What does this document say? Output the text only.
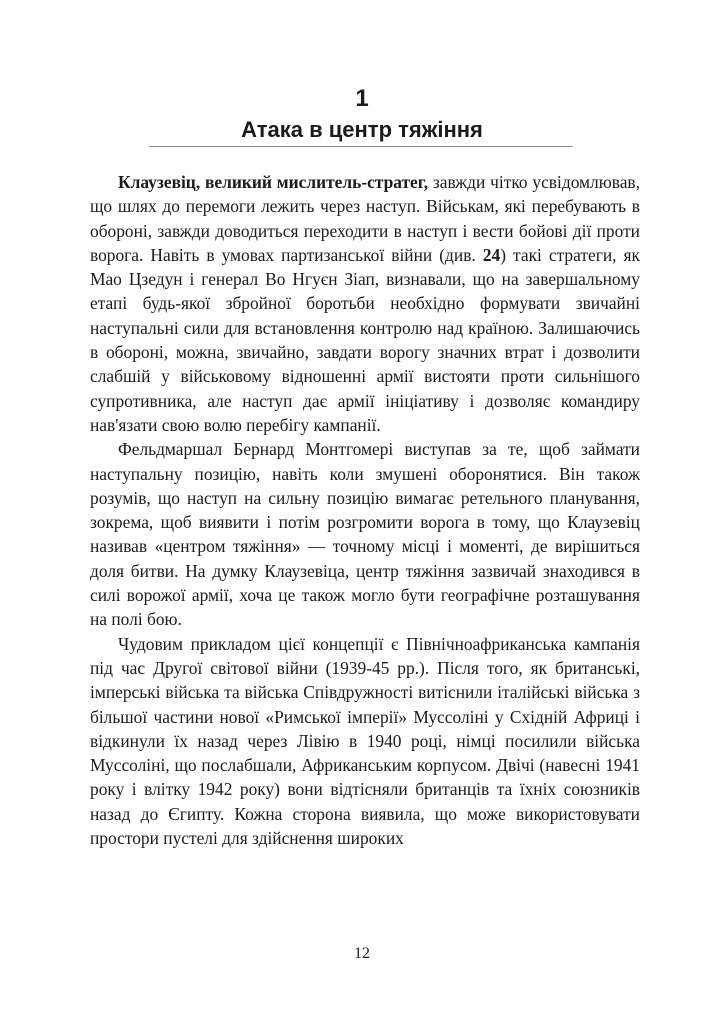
1
Атака в центр тяжіння

Клаузевіц, великий мислитель-стратег, завжди чітко усвідомлював, що шлях до перемоги лежить через наступ. Військам, які перебувають в обороні, завжди доводиться переходити в наступ і вести бойові дії проти ворога. Навіть в умовах партизанської війни (див. 24) такі стратеги, як Мао Цзедун і генерал Во Нгуєн Зіап, визнавали, що на завершальному етапі будь-якої збройної боротьби необхідно формувати звичайні наступальні сили для встановлення контролю над країною. Залишаючись в обороні, можна, звичайно, завдати ворогу значних втрат і дозволити слабшій у військовому відношенні армії вистояти проти сильнішого супротивника, але наступ дає армії ініціативу і дозволяє командиру нав'язати свою волю перебігу кампанії.

Фельдмаршал Бернард Монтгомері виступав за те, щоб займати наступальну позицію, навіть коли змушені оборонятися. Він також розумів, що наступ на сильну позицію вимагає ретельного планування, зокрема, щоб виявити і потім розгромити ворога в тому, що Клаузевіц називав «центром тяжіння» — точному місці і моменті, де вирішиться доля битви. На думку Клаузевіца, центр тяжіння зазвичай знаходився в силі ворожої армії, хоча це також могло бути географічне розташування на полі бою.

Чудовим прикладом цієї концепції є Північноафриканська кампанія під час Другої світової війни (1939-45 рр.). Після того, як британські, імперські війська та війська Співдружності витіснили італійські війська з більшої частини нової «Римської імперії» Муссоліні у Східній Африці і відкинули їх назад через Лівію в 1940 році, німці посилили війська Муссоліні, що послабшали, Африканським корпусом. Двічі (навесні 1941 року і влітку 1942 року) вони відтісняли британців та їхніх союзників назад до Єгипту. Кожна сторона виявила, що може використовувати простори пустелі для здійснення широких

12
